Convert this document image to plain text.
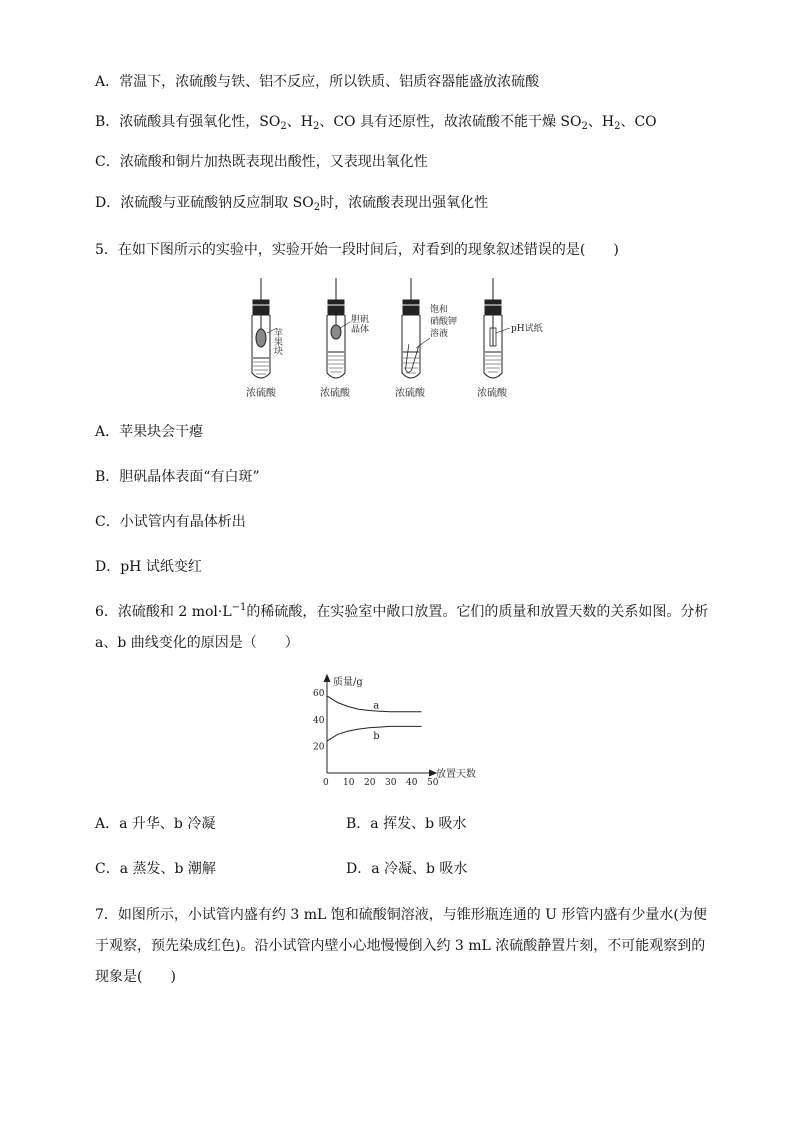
A．常温下，浓硫酸与铁、铝不反应，所以铁质、铝质容器能盛放浓硫酸
B．浓硫酸具有强氧化性，$SO_2$、$H_2$、CO 具有还原性，故浓硫酸不能干燥 $SO_2$、$H_2$、CO
C．浓硫酸和铜片加热既表现出酸性，又表现出氧化性
D．浓硫酸与亚硫酸钠反应制取 $SO_2$时，浓硫酸表现出强氧化性
5．在如下图所示的实验中，实验开始一段时间后，对看到的现象叙述错误的是(　　)
苹果块
胆矾
晶体
饱和
硝酸钾
溶液	pH试纸
浓硫酸	浓硫酸	浓硫酸	浓硫酸
A．苹果块会干瘪
B．胆矾晶体表面“有白斑”
C．小试管内有晶体析出
D．pH 试纸变红
6．浓硫酸和 2 $mol\cdot L^{-1}$的稀硫酸，在实验室中敞口放置。它们的质量和放置天数的关系如图。分析
a、b 曲线变化的原因是（　　）
质量/g
放置天数
0 10 20 30 40 50
20
40
60
a
b
A．a 升华、b 冷凝	B．a 挥发、b 吸水
C．a 蒸发、b 潮解	D．a 冷凝、b 吸水
7．如图所示，小试管内盛有约 3 mL 饱和硫酸铜溶液，与锥形瓶连通的 U 形管内盛有少量水(为便
于观察，预先染成红色)。沿小试管内壁小心地慢慢倒入约 3 mL 浓硫酸静置片刻，不可能观察到的
现象是(　　)
